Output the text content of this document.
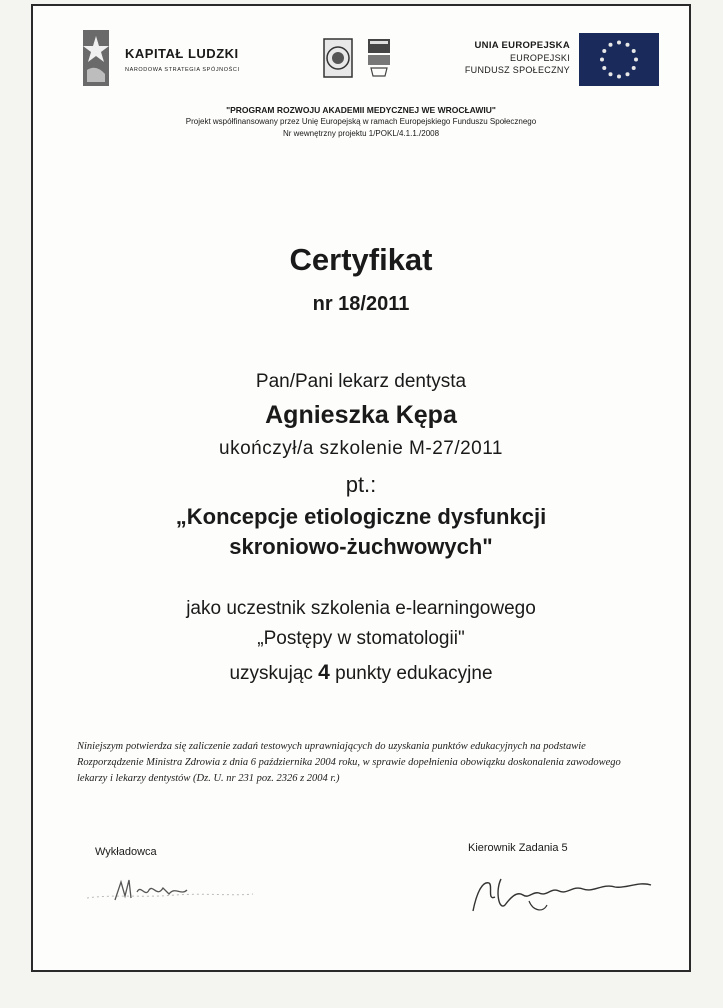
KAPITAŁ LUDZKI
NARODOWA STRATEGIA SPÓJNOŚCI
UNIA EUROPEJSKA
EUROPEJSKI
FUNDUSZ SPOŁECZNY
"PROGRAM ROZWOJU AKADEMII MEDYCZNEJ WE WROCŁAWIU"
Projekt współfinansowany przez Unię Europejską w ramach Europejskiego Funduszu Społecznego
Nr wewnętrzny projektu 1/POKL/4.1.1./2008
Certyfikat
nr 18/2011
Pan/Pani lekarz dentysta
Agnieszka Kępa
ukończył/a szkolenie M-27/2011
pt.:
„Koncepcje etiologiczne dysfunkcji
skroniowo-żuchwowych"
jako uczestnik szkolenia e-learningowego
„Postępy w stomatologii"
uzyskując 4 punkty edukacyjne
Niniejszym potwierdza się zaliczenie zadań testowych uprawniających do uzyskania punktów edukacyjnych na podstawie Rozporządzenie Ministra Zdrowia z dnia 6 października 2004 roku, w sprawie dopełnienia obowiązku doskonalenia zawodowego lekarzy i lekarzy dentystów (Dz. U. nr 231 poz. 2326 z 2004 r.)
Wykładowca	Kierownik Zadania 5
